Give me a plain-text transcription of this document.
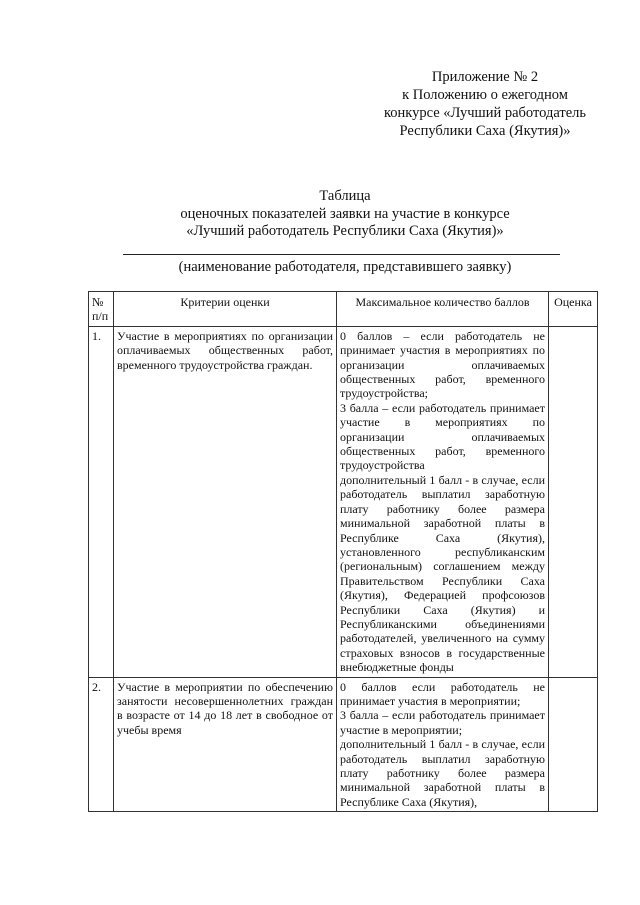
Приложение № 2
к Положению о ежегодном
конкурсе «Лучший работодатель
Республики Саха (Якутия)»
Таблица
оценочных показателей заявки на участие в конкурсе
«Лучший работодатель Республики Саха (Якутия)»
(наименование работодателя, представившего заявку)
№ п/п	Критерии оценки	Максимальное количество баллов	Оценка
1.	Участие в мероприятиях по организации оплачиваемых общественных работ, временного трудоустройства граждан.	0 баллов – если работодатель не принимает участия в мероприятиях по организации оплачиваемых общественных работ, временного трудоустройства;
3 балла – если работодатель принимает участие в мероприятиях по организации оплачиваемых общественных работ, временного трудоустройства
дополнительный 1 балл - в случае, если работодатель выплатил заработную плату работнику более размера минимальной заработной платы в Республике Саха (Якутия), установленного республиканским (региональным) соглашением между Правительством Республики Саха (Якутия), Федерацией профсоюзов Республики Саха (Якутия) и Республиканскими объединениями работодателей, увеличенного на сумму страховых взносов в государственные внебюджетные фонды	

2.	Участие в мероприятии по обеспечению занятости несовершеннолетних граждан в возрасте от 14 до 18 лет в свободное от учебы время	0 баллов если работодатель не принимает участия в мероприятии;
3 балла – если работодатель принимает участие в мероприятии;
дополнительный 1 балл - в случае, если работодатель выплатил заработную плату работнику более размера минимальной заработной платы в Республике Саха (Якутия),	
